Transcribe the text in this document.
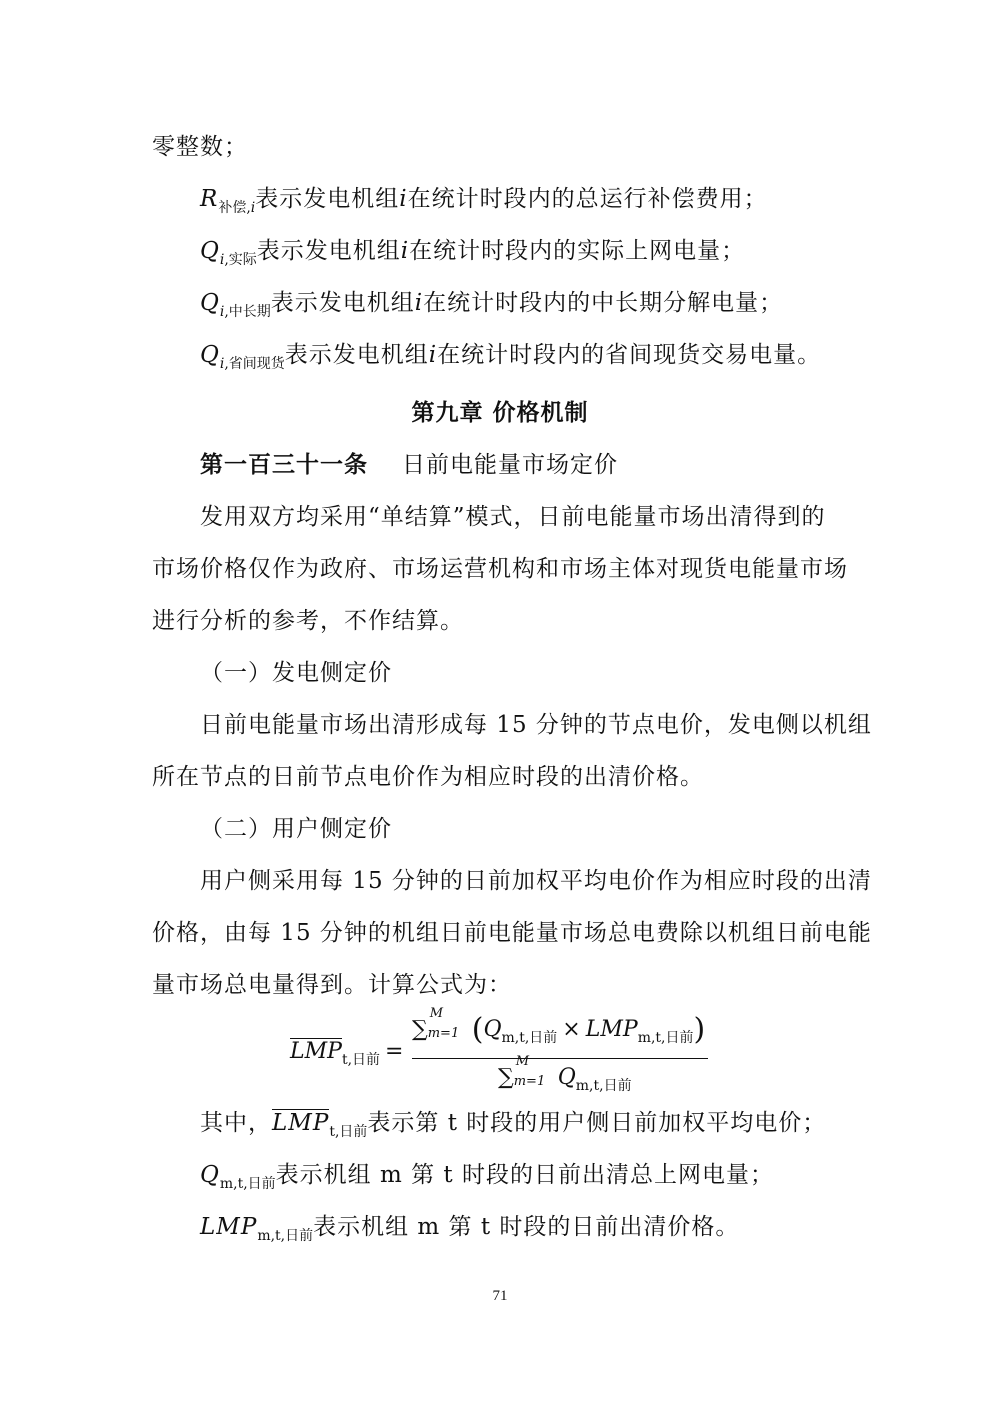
零整数；
$R_{补偿,i}$表示发电机组i在统计时段内的总运行补偿费用；
$Q_{i,实际}$表示发电机组i在统计时段内的实际上网电量；
$Q_{i,中长期}$表示发电机组i在统计时段内的中长期分解电量；
$Q_{i,省间现货}$表示发电机组i在统计时段内的省间现货交易电量。
第九章 价格机制
第一百三十一条 日前电能量市场定价
发用双方均采用“单结算”模式，日前电能量市场出清得到的
市场价格仅作为政府、市场运营机构和市场主体对现货电能量市场
进行分析的参考，不作结算。
（一）发电侧定价
日前电能量市场出清形成每 15 分钟的节点电价，发电侧以机组
所在节点的日前节点电价作为相应时段的出清价格。
（二）用户侧定价
用户侧采用每 15 分钟的日前加权平均电价作为相应时段的出清
价格，由每 15 分钟的机组日前电能量市场总电费除以机组日前电能
量市场总电量得到。计算公式为：
$LMP_{t,日前}$ =
∑
M
m=1 $(Q_{m,t,日前} \times LMP_{m,t,日前})$
∑
M
m=1 $Q_{m,t,日前}$
其中，$LMP_{t,日前}$表示第 t 时段的用户侧日前加权平均电价；
$Q_{m,t,日前}$表示机组 m 第 t 时段的日前出清总上网电量；
$LMP_{m,t,日前}$表示机组 m 第 t 时段的日前出清价格。
71
